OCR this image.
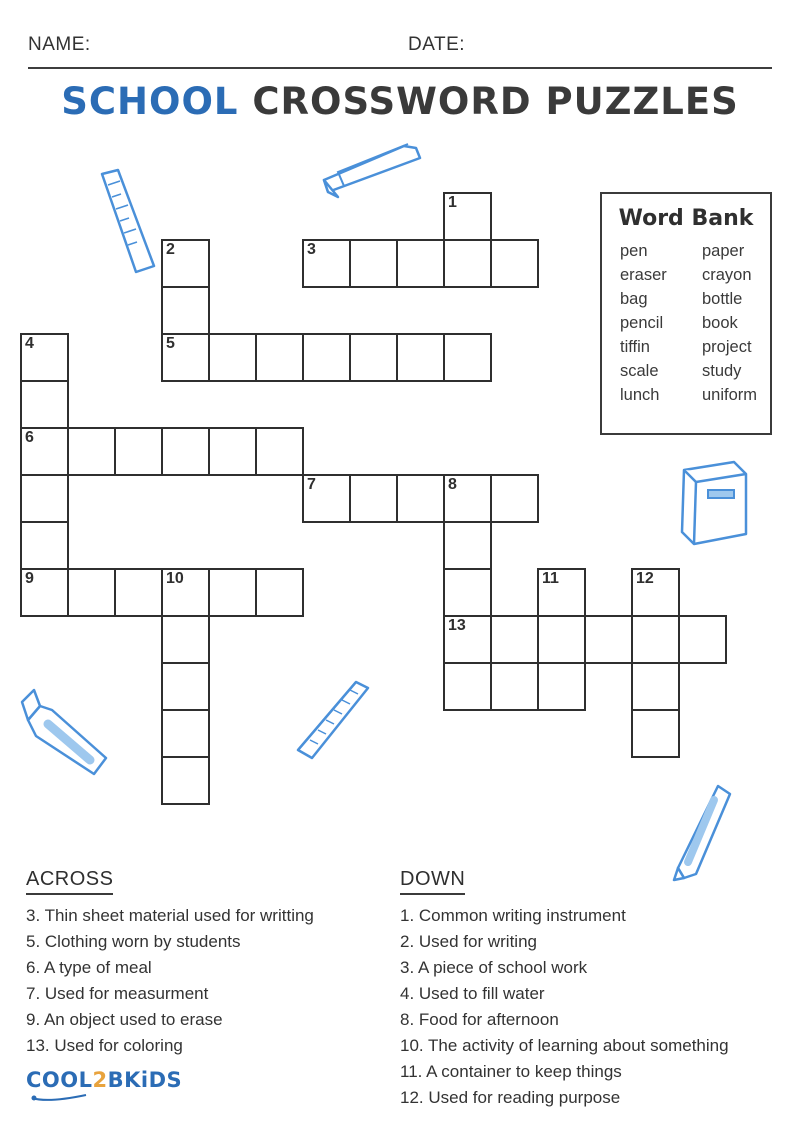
NAME:	DATE:
SCHOOL CROSSWORD PUZZLES
Word Bank
pen	paper
eraser	crayon
bag	bottle
pencil	book
tiffin	project
scale	study
lunch	uniform
1
2	3
4	5
6
7	8
9	10	11	12
13
ACROSS
3. Thin sheet material used for writting
5. Clothing worn by students
6. A type of meal
7. Used for measurment
9. An object used to erase
13. Used for coloring
DOWN
1. Common writing instrument
2. Used for writing
3. A piece of school work
4. Used to fill water
8. Food for afternoon
10. The activity of learning about something
11. A container to keep things
12. Used for reading purpose
COOL2BKiDS
